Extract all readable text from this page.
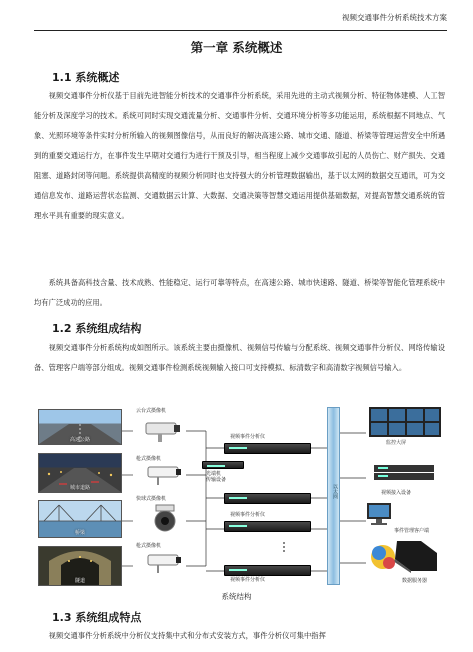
视频交通事件分析系统技术方案
第一章 系统概述
1.1 系统概述

视频交通事件分析仪基于目前先进智能分析技术的交通事件分析系统，采用先进的主动式视频分析、特征物体建模、人工智能分析及深度学习的技术。系统可同时实现交通流量分析、交通事件分析、交通环境分析等多功能运用，系统根据不同地点、气象、光照环境等条件实时分析所输入的视频图像信号，从而良好的解决高速公路、城市交通、隧道、桥梁等管理运营安全中所遇到的重要交通运行方，在事件发生早期对交通行为进行干预及引导，相当程度上减少交通事故引起的人员伤亡、财产损失、交通阻塞、道路封闭等问题。系统提供高精度的视频分析同时也支持强大的分析管理数据输出，基于以太网的数据交互通讯，可为交通信息发布、道路运营状态监测、交通数据云计算、大数据、交通决策等智慧交通运用提供基础数据，对提高智慧交通系统的管理水平具有重要的现实意义。

系统具备高科技含量、技术成熟、性能稳定、运行可靠等特点，在高速公路、城市快速路、隧道、桥梁等智能化管理系统中均有广泛成功的应用。

1.2 系统组成结构

视频交通事件分析系统构成如图所示。该系统主要由摄像机、视频信号传输与分配系统、视频交通事件分析仪、网络传输设备、管理客户端等部分组成。视频交通事件检测系统视频输入接口可支持模拟、标清数字和高清数字视频信号输入。

高速公路
城市道路
桥梁
隧道
云台式摄像机
枪式摄像机
快球式摄像机
枪式摄像机
视频事件分析仪
光端机
传输设备
视频事件分析仪
视频事件分析仪
以太网
监控大屏
视频接入设备
事件管理客户端
数据服务器
系统结构
1.3 系统组成特点

视频交通事件分析系统中分析仪支持集中式和分布式安装方式，事件分析仪可集中指挥
